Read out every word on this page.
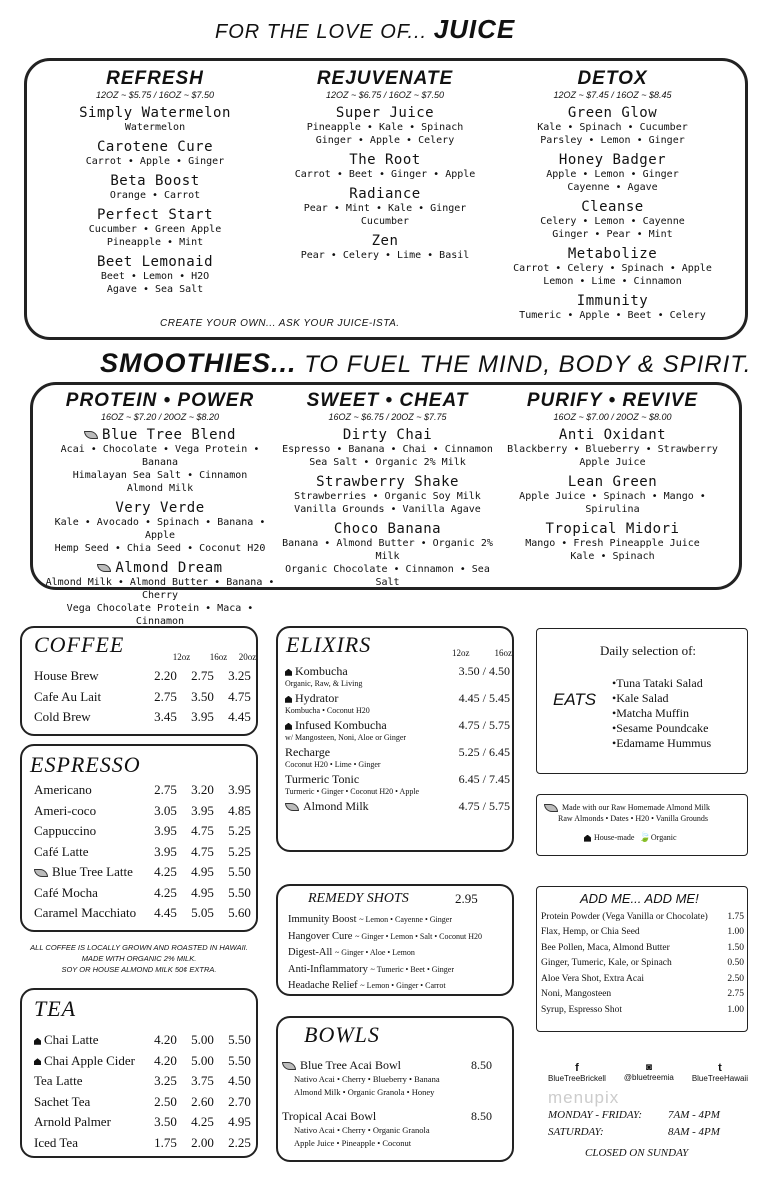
FOR THE LOVE OF... JUICE
REFRESH
12OZ ~ $5.75 / 16OZ ~ $7.50
Simply Watermelon
Watermelon
Carotene Cure
Carrot • Apple • Ginger
Beta Boost
Orange • Carrot
Perfect Start
Cucumber • Green Apple
Pineapple • Mint
Beet Lemonaid
Beet • Lemon • H2O
Agave • Sea Salt
REJUVENATE
12OZ ~ $6.75 / 16OZ ~ $7.50
Super Juice
Pineapple • Kale • Spinach
Ginger • Apple • Celery
The Root
Carrot • Beet • Ginger • Apple
Radiance
Pear • Mint • Kale • Ginger
Cucumber
Zen
Pear • Celery • Lime • Basil
DETOX
12OZ ~ $7.45 / 16OZ ~ $8.45
Green Glow
Kale • Spinach • Cucumber
Parsley • Lemon • Ginger
Honey Badger
Apple • Lemon • Ginger
Cayenne • Agave
Cleanse
Celery • Lemon • Cayenne
Ginger • Pear • Mint
Metabolize
Carrot • Celery • Spinach • Apple
Lemon • Lime • Cinnamon
Immunity
Tumeric • Apple • Beet • Celery
CREATE YOUR OWN... ASK YOUR JUICE-ISTA.
SMOOTHIES... TO FUEL THE MIND, BODY & SPIRIT.
PROTEIN • POWER
16OZ ~ $7.20 / 20OZ ~ $8.20
Blue Tree Blend
Acai • Chocolate • Vega Protein • Banana
Himalayan Sea Salt • Cinnamon
Almond Milk
Very Verde
Kale • Avocado • Spinach • Banana • Apple
Hemp Seed • Chia Seed • Coconut H20
Almond Dream
Almond Milk • Almond Butter • Banana • Cherry
Vega Chocolate Protein • Maca • Cinnamon
SWEET • CHEAT
16OZ ~ $6.75 / 20OZ ~ $7.75
Dirty Chai
Espresso • Banana • Chai • Cinnamon
Sea Salt • Organic 2% Milk
Strawberry Shake
Strawberries • Organic Soy Milk
Vanilla Grounds • Vanilla Agave
Choco Banana
Banana • Almond Butter • Organic 2% Milk
Organic Chocolate • Cinnamon • Sea Salt
PURIFY • REVIVE
16OZ ~ $7.00 / 20OZ ~ $8.00
Anti Oxidant
Blackberry • Blueberry • Strawberry
Apple Juice
Lean Green
Apple Juice • Spinach • Mango • Spirulina
Tropical Midori
Mango • Fresh Pineapple Juice
Kale • Spinach
COFFEE	12oz	16oz	20oz
House Brew	2.20	2.75	3.25
Cafe Au Lait	2.75	3.50	4.75
Cold Brew	3.45	3.95	4.45
ESPRESSO
Americano	2.75	3.20	3.95
Ameri-coco	3.05	3.95	4.85
Cappuccino	3.95	4.75	5.25
Café Latte	3.95	4.75	5.25
Blue Tree Latte	4.25	4.95	5.50
Café Mocha	4.25	4.95	5.50
Caramel Macchiato	4.45	5.05	5.60
ALL COFFEE IS LOCALLY GROWN AND ROASTED IN HAWAII.
MADE WITH ORGANIC 2% MILK.
SOY OR HOUSE ALMOND MILK 50¢ EXTRA.
TEA
Chai Latte	4.20	5.00	5.50
Chai Apple Cider	4.20	5.00	5.50
Tea Latte	3.25	3.75	4.50
Sachet Tea	2.50	2.60	2.70
Arnold Palmer	3.50	4.25	4.95
Iced Tea	1.75	2.00	2.25
ELIXIRS	12oz	16oz
Kombucha	3.50 / 4.50
Organic, Raw, & Living
Hydrator	4.45 / 5.45
Kombucha • Coconut H20
Infused Kombucha	4.75 / 5.75
w/ Mangosteen, Noni, Aloe or Ginger
Recharge	5.25 / 6.45
Coconut H20 • Lime • Ginger
Turmeric Tonic	6.45 / 7.45
Turmeric • Ginger • Coconut H20 • Apple
Almond Milk	4.75 / 5.75
REMEDY SHOTS	2.95
Immunity Boost ~ Lemon • Cayenne • Ginger
Hangover Cure ~ Ginger • Lemon • Salt • Coconut H20
Digest-All ~ Ginger • Aloe • Lemon
Anti-Inflammatory ~ Tumeric • Beet • Ginger
Headache Relief ~ Lemon • Ginger • Carrot
BOWLS
Blue Tree Acai Bowl	8.50
Nativo Acai • Cherry • Blueberry • Banana
Almond Milk • Organic Granola • Honey
Tropical Acai Bowl	8.50
Nativo Acai • Cherry • Organic Granola
Apple Juice • Pineapple • Coconut
Daily selection of:
EATS
•Tuna Tataki Salad
•Kale Salad
•Matcha Muffin
•Sesame Poundcake
•Edamame Hummus
Made with our Raw Homemade Almond Milk
Raw Almonds • Dates • H20 • Vanilla Grounds
House-made 🍃Organic
ADD ME... ADD ME!
Protein Powder (Vega Vanilla or Chocolate)	1.75
Flax, Hemp, or Chia Seed	1.00
Bee Pollen, Maca, Almond Butter	1.50
Ginger, Tumeric, Kale, or Spinach	0.50
Aloe Vera Shot, Extra Acai	2.50
Noni, Mangosteen	2.75
Syrup, Espresso Shot	1.00
f
BlueTreeBrickell
◙
@bluetreemia
t
BlueTreeHawaii
menupix
MONDAY - FRIDAY:	7AM - 4PM
SATURDAY:	8AM - 4PM
CLOSED ON SUNDAY
